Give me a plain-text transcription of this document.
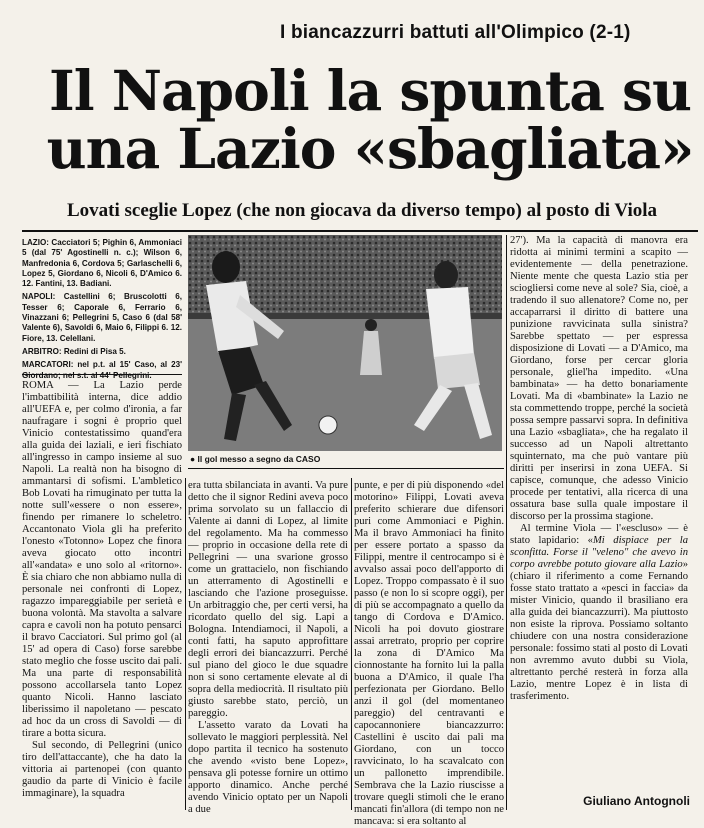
I biancazzurri battuti all'Olimpico (2-1)
Il Napoli la spunta su
una Lazio «sbagliata»
Lovati sceglie Lopez (che non giocava da diverso tempo) al posto di Viola

LAZIO: Cacciatori 5; Pighin 6, Ammoniaci 5 (dal 75' Agostinelli n. c.); Wilson 6, Manfredonia 6, Cordova 5; Garlaschelli 6, Lopez 5, Giordano 6, Nicoli 6, D'Amico 6. 12. Fantini, 13. Badiani.

NAPOLI: Castellini 6; Bruscolotti 6, Tesser 6; Caporale 6, Ferrario 6, Vinazzani 6; Pellegrini 5, Caso 6 (dal 58' Valente 6), Savoldi 6, Maio 6, Filippi 6. 12. Fiore, 13. Celellani.

ARBITRO: Redini di Pisa 5.

MARCATORI: nel p.t. al 15' Caso, al 23' Giordano; nel s.t. al 44' Pellegrini.

● Il gol messo a segno da CASO

ROMA — La Lazio perde l'imbattibilità interna, dice addio all'UEFA e, per colmo d'ironia, a far naufragare i sogni è proprio quel Vinicio contestatissimo quand'era alla guida dei laziali, e ieri fischiato all'ingresso in campo insieme al suo Napoli. La realtà non ha bisogno di ammantarsi di sofismi. L'ambletico Bob Lovati ha rimuginato per tutta la notte sull'«essere o non essere», finendo per rimanere lo scheletro. Accantonato Viola gli ha preferito l'onesto «Totonno» Lopez che finora aveva giocato otto incontri all'«andata» e uno solo al «ritorno». È sia chiaro che non abbiamo nulla di personale nei confronti di Lopez, ragazzo impareggiabile per serietà e buona volontà. Ma stavolta a salvare capra e cavoli non ha potuto pensarci il bravo Cacciatori. Sul primo gol (al 15' ad opera di Caso) forse sarebbe stato meglio che fosse uscito dai pali. Ma una parte di responsabilità possono accollarsela tanto Lopez quanto Nicoli. Hanno lasciato liberissimo il napoletano — pescato ad hoc da un cross di Savoldi — di tirare a botta sicura.

Sul secondo, di Pellegrini (unico tiro dell'attaccante), che ha dato la vittoria ai partenopei (con quanto gaudio da parte di Vinicio è facile immaginare), la squadra

era tutta sbilanciata in avanti. Va pure detto che il signor Redini aveva poco prima sorvolato su un fallaccio di Valente ai danni di Lopez, al limite del regolamento. Ma ha commesso — proprio in occasione della rete di Pellegrini — una svarione grosso come un grattacielo, non fischiando un atterramento di Agostinelli e lasciando che l'azione proseguisse. Un arbitraggio che, per certi versi, ha ricordato quello del sig. Lapi a Bologna. Intendiamoci, il Napoli, a conti fatti, ha saputo approfittare degli errori dei biancazzurri. Perché sul piano del gioco le due squadre non si sono certamente elevate al di sopra della mediocrità. Il risultato più giusto sarebbe stato, perciò, un pareggio.

L'assetto varato da Lovati ha sollevato le maggiori perplessità. Nel dopo partita il tecnico ha sostenuto che avendo «visto bene Lopez», pensava gli potesse fornire un ottimo apporto dinamico. Anche perché avendo Vinicio optato per un Napoli a due

punte, e per di più disponendo «del motorino» Filippi, Lovati aveva preferito schierare due difensori puri come Ammoniaci e Pighin. Ma il bravo Ammoniaci ha finito per essere portato a spasso da Filippi, mentre il centrocampo si è avvalso assai poco dell'apporto di Lopez. Troppo compassato è il suo passo (e non lo si scopre oggi), per di più se accompagnato a quello da tango di Cordova e D'Amico. Nicoli ha poi dovuto giostrare assai arretrato, proprio per coprire la zona di D'Amico Ma cionnostante ha fornito lui la palla buona a D'Amico, il quale l'ha perfezionata per Giordano. Bello anzi il gol (del momentaneo pareggio) del centravanti e capocannoniere biancazzurro: Castellini è uscito dai pali ma Giordano, con un tocco ravvicinato, lo ha scavalcato con un pallonetto imprendibile. Sembrava che la Lazio riuscisse a trovare quegli stimoli che le erano mancati fin'allora (di tempo non ne mancava: si era soltanto al

27'). Ma la capacità di manovra era ridotta ai minimi termini a scapito — evidentemente — della penetrazione. Niente mente che questa Lazio stia per sciogliersi come neve al sole? Sia, cioè, a tradendo il suo allenatore? Come no, per accaparrarsi il diritto di battere una punizione ravvicinata sulla sinistra? Sarebbe spettato — per espressa disposizione di Lovati — a D'Amico, ma Giordano, forse per cercar gloria personale, gliel'ha impedito. «Una bambinata» — ha detto bonariamente Lovati. Ma di «bambinate» la Lazio ne sta commettendo troppe, perché la società possa sempre passarvi sopra. In definitiva una Lazio «sbagliata», che ha regalato il successo ad un Napoli altrettanto squinternato, ma che può vantare più diritti per inserirsi in zona UEFA. Si capisce, comunque, che adesso Vinicio procede per tentativi, alla ricerca di una ossatura base sulla quale impostare il discorso per la prossima stagione.

Al termine Viola — l'«escluso» — è stato lapidario: «Mi dispiace per la sconfitta. Forse il "veleno" che avevo in corpo avrebbe potuto giovare alla Lazio» (chiaro il riferimento a come Fernando fosse stato trattato a «pesci in faccia» da mister Vinicio, quando il brasiliano era alla guida dei biancazzurri). Ma piuttosto non esiste la riprova. Possiamo soltanto chiudere con una nostra considerazione personale: fossimo stati al posto di Lovati non avremmo avuto dubbi su Viola, altrettanto perché resterà in forza alla Lazio, mentre Lopez è in lista di trasferimento.

Giuliano Antognoli
